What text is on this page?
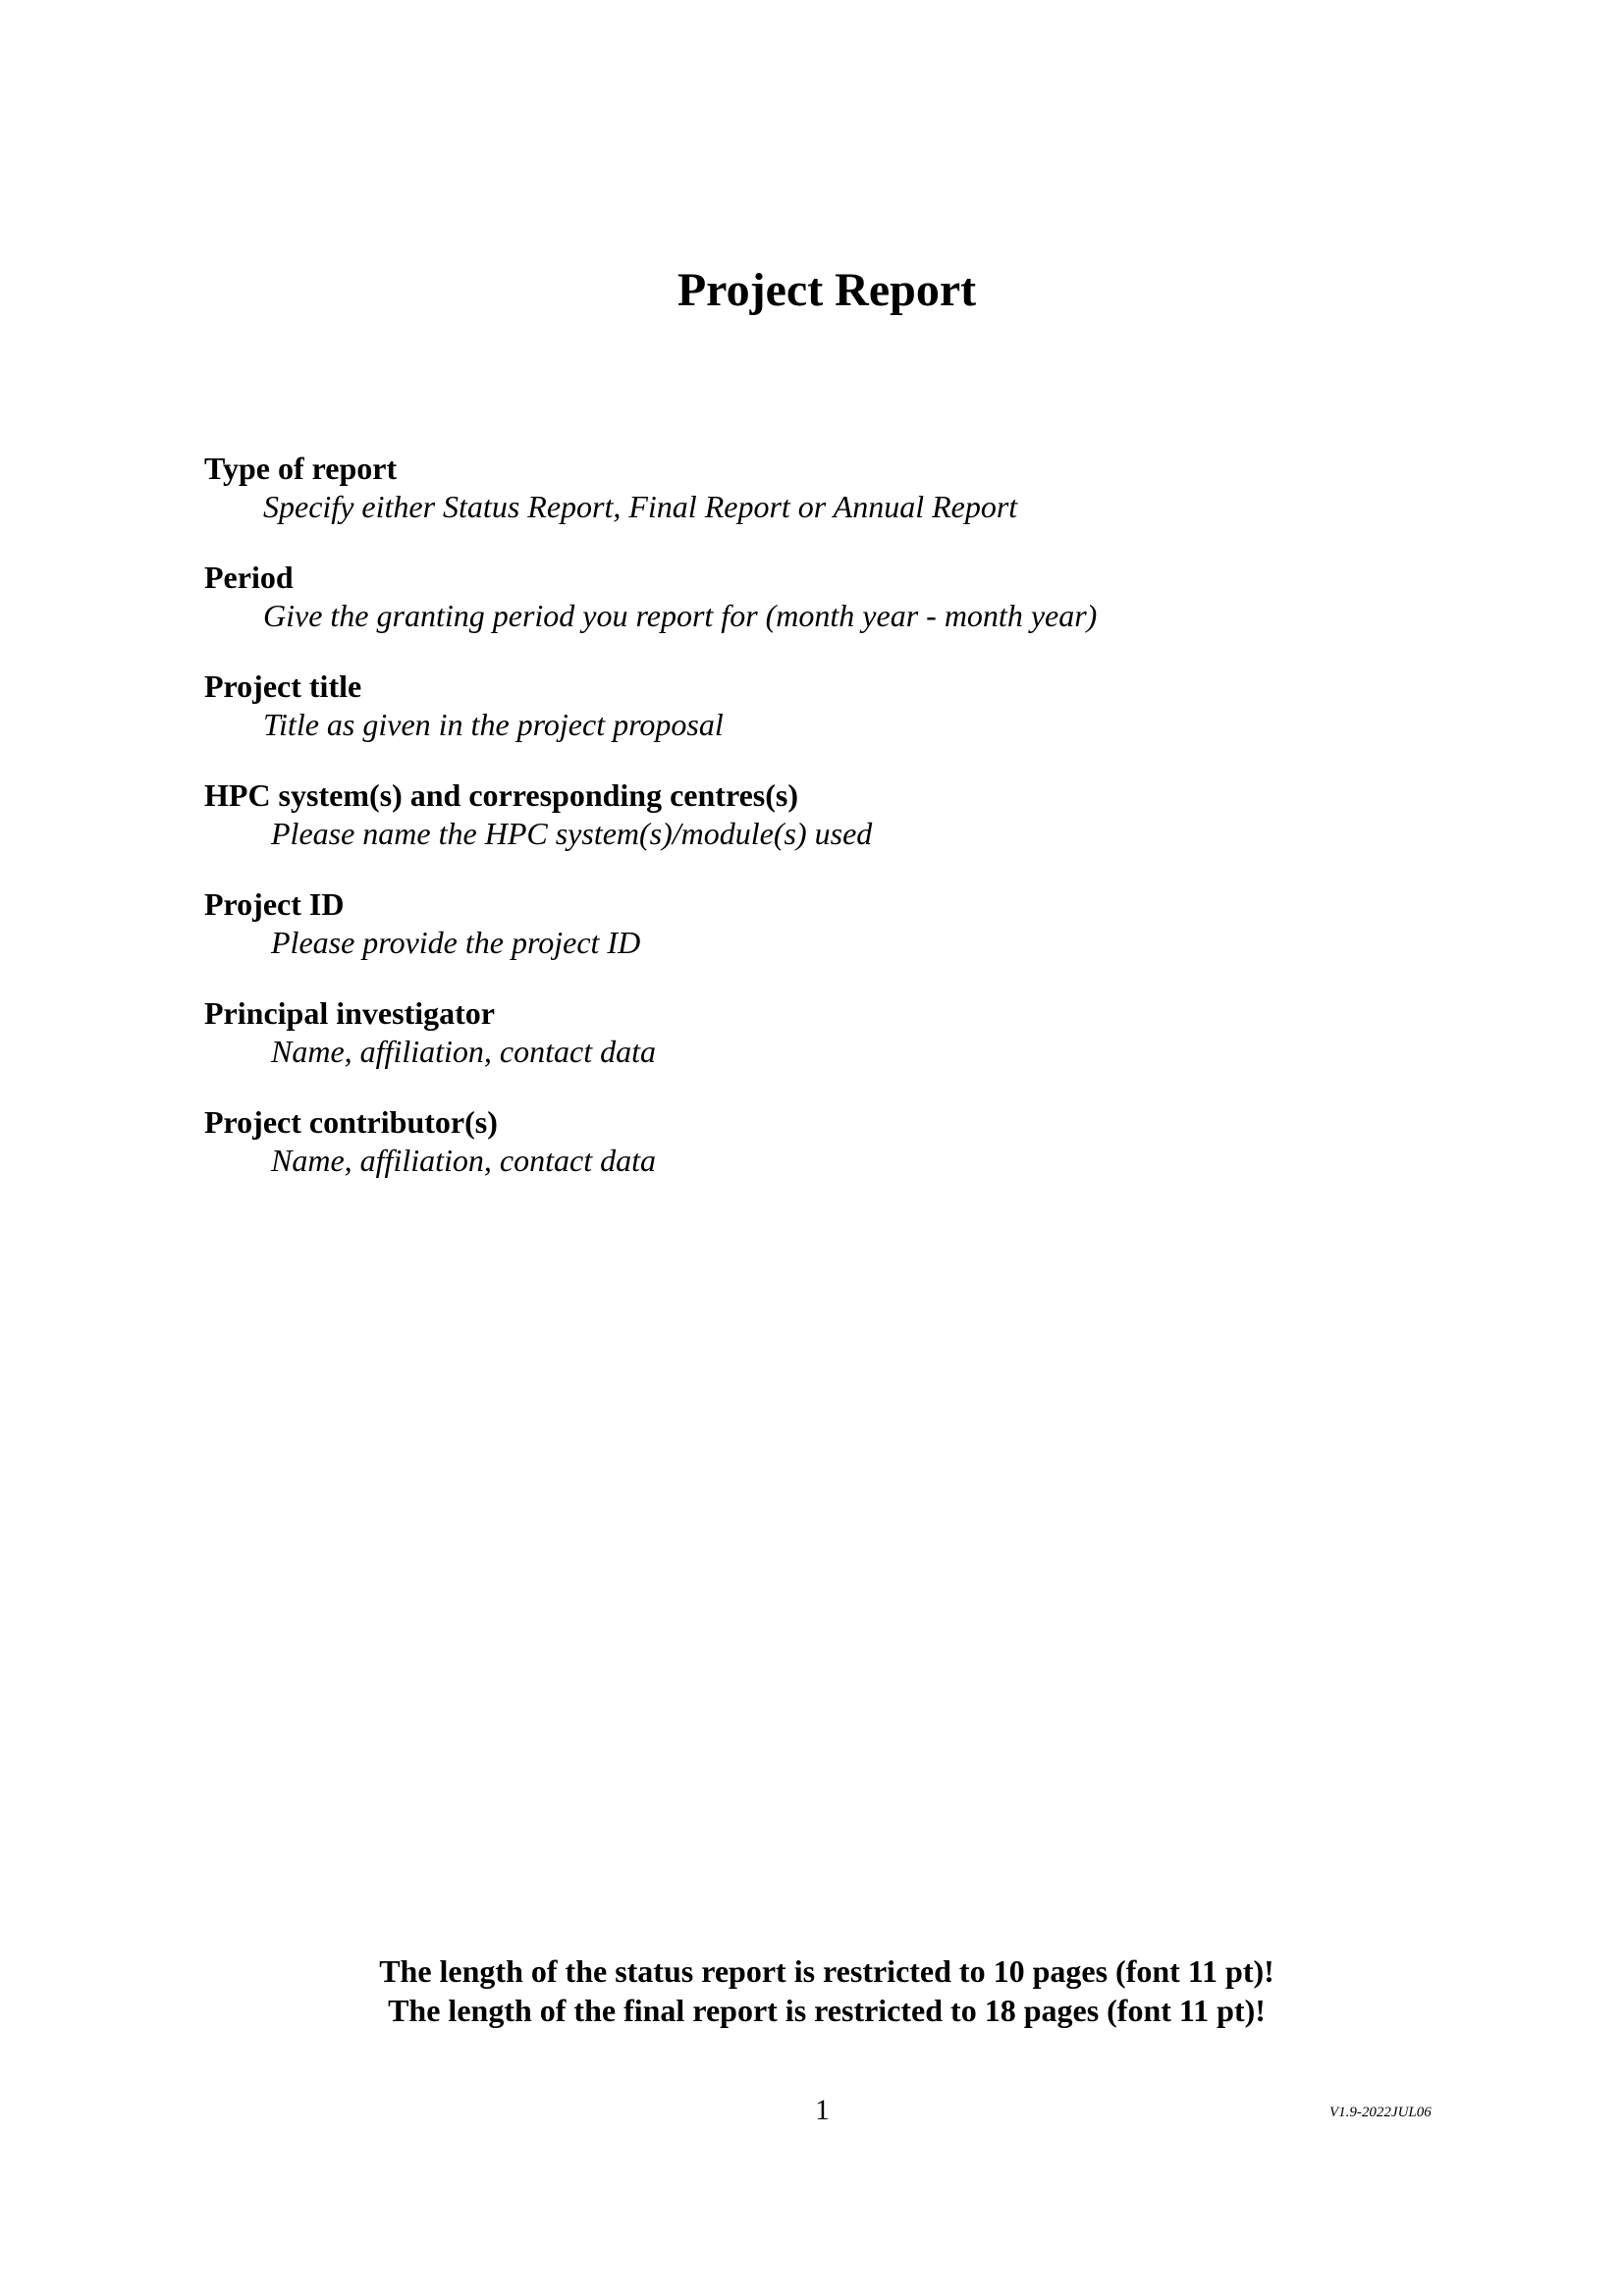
Project Report
Type of report
Specify either Status Report, Final Report or Annual Report
Period
Give the granting period you report for (month year - month year)
Project title
Title as given in the project proposal
HPC system(s) and corresponding centres(s)
Please name the HPC system(s)/module(s) used
Project ID
Please provide the project ID
Principal investigator
Name, affiliation, contact data
Project contributor(s)
Name, affiliation, contact data
The length of the status report is restricted to 10 pages (font 11 pt)!
The length of the final report is restricted to 18 pages (font 11 pt)!
1	V1.9-2022JUL06
